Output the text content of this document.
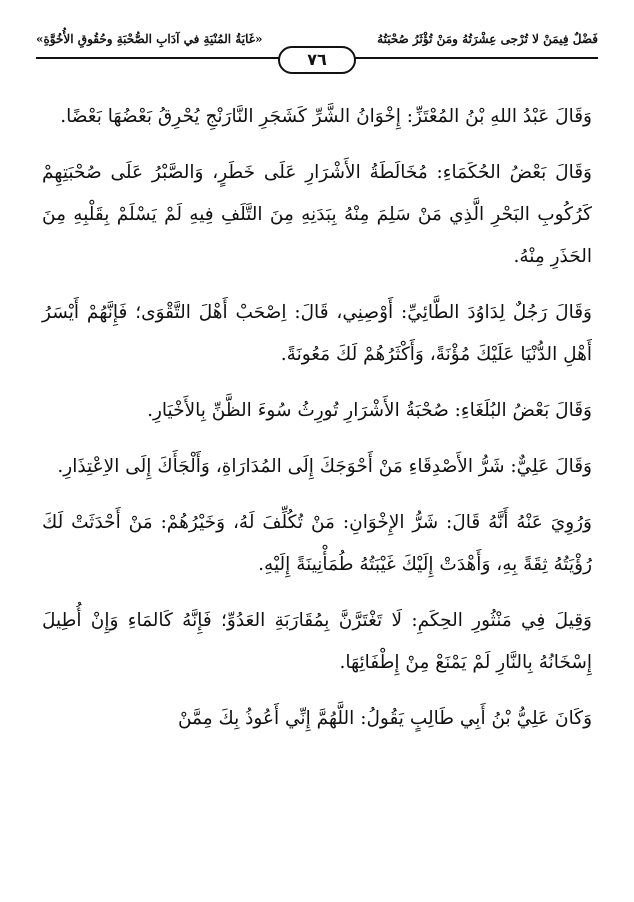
فَضْلٌ فِيمَنْ لا تُرْجى عِشْرَتُهُ ومَنْ تُؤْثَرُ صُحْبَتُهُ
«غَايَةُ المُنْيَةِ في آدَابِ الصُّحْبَةِ وحُقُوقِ الأُخُوَّةِ»
٧٦

وَقَالَ عَبْدُ اللهِ بْنُ المُعْتَزِّ: إِخْوَانُ الشَّرِّ كَشَجَرِ النَّارَنْجِ يُحْرِقُ بَعْضُهَا بَعْضًا.

وَقَالَ بَعْضُ الحُكَمَاءِ: مُخَالَطَةُ الأَشْرَارِ عَلَى خَطَرٍ، وَالصَّبْرُ عَلَى صُحْبَتِهِمْ كَرُكُوبِ البَحْرِ الَّذِي مَنْ سَلِمَ مِنْهُ بِبَدَنِهِ مِنَ التَّلَفِ فِيهِ لَمْ يَسْلَمْ بِقَلْبِهِ مِنَ الحَذَرِ مِنْهُ.

وَقَالَ رَجُلٌ لِدَاوُدَ الطَّائِيِّ: أَوْصِنِي، قَالَ: اِصْحَبْ أَهْلَ التَّقْوَى؛ فَإِنَّهُمْ أَيْسَرُ أَهْلِ الدُّنْيَا عَلَيْكَ مُؤْنَةً، وَأَكْثَرُهُمْ لَكَ مَعُونَةً.

وَقَالَ بَعْضُ البُلَغَاءِ: صُحْبَةُ الأَشْرَارِ تُورِثُ سُوءَ الظَّنِّ بِالأَخْيَارِ.

وَقَالَ عَلِيٌّ: شَرُّ الأَصْدِقَاءِ مَنْ أَحْوَجَكَ إِلَى المُدَارَاةِ، وَأَلْجَأَكَ إِلَى الاِعْتِذَارِ.

وَرُوِيَ عَنْهُ أَنَّهُ قَالَ: شَرُّ الإِخْوَانِ: مَنْ تُكُلِّفَ لَهُ، وَخَيْرُهُمْ: مَنْ أَحْدَثَتْ لَكَ رُؤْيَتُهُ ثِقَةً بِهِ، وَأَهْدَتْ إِلَيْكَ غَيْبَتُهُ طُمَأْنِينَةً إِلَيْهِ.

وَقِيلَ فِي مَنْثُورِ الحِكَمِ: لَا تَغْتَرَّنَّ بِمُقَارَبَةِ العَدُوِّ؛ فَإِنَّهُ كَالمَاءِ وَإِنْ أُطِيلَ إِسْخَانُهُ بِالنَّارِ لَمْ يَمْنَعْ مِنْ إِطْفَائِهَا.

وَكَانَ عَلِيُّ بْنُ أَبِي طَالِبٍ يَقُولُ: اللَّهُمَّ إِنِّي أَعُوذُ بِكَ مِمَّنْ
